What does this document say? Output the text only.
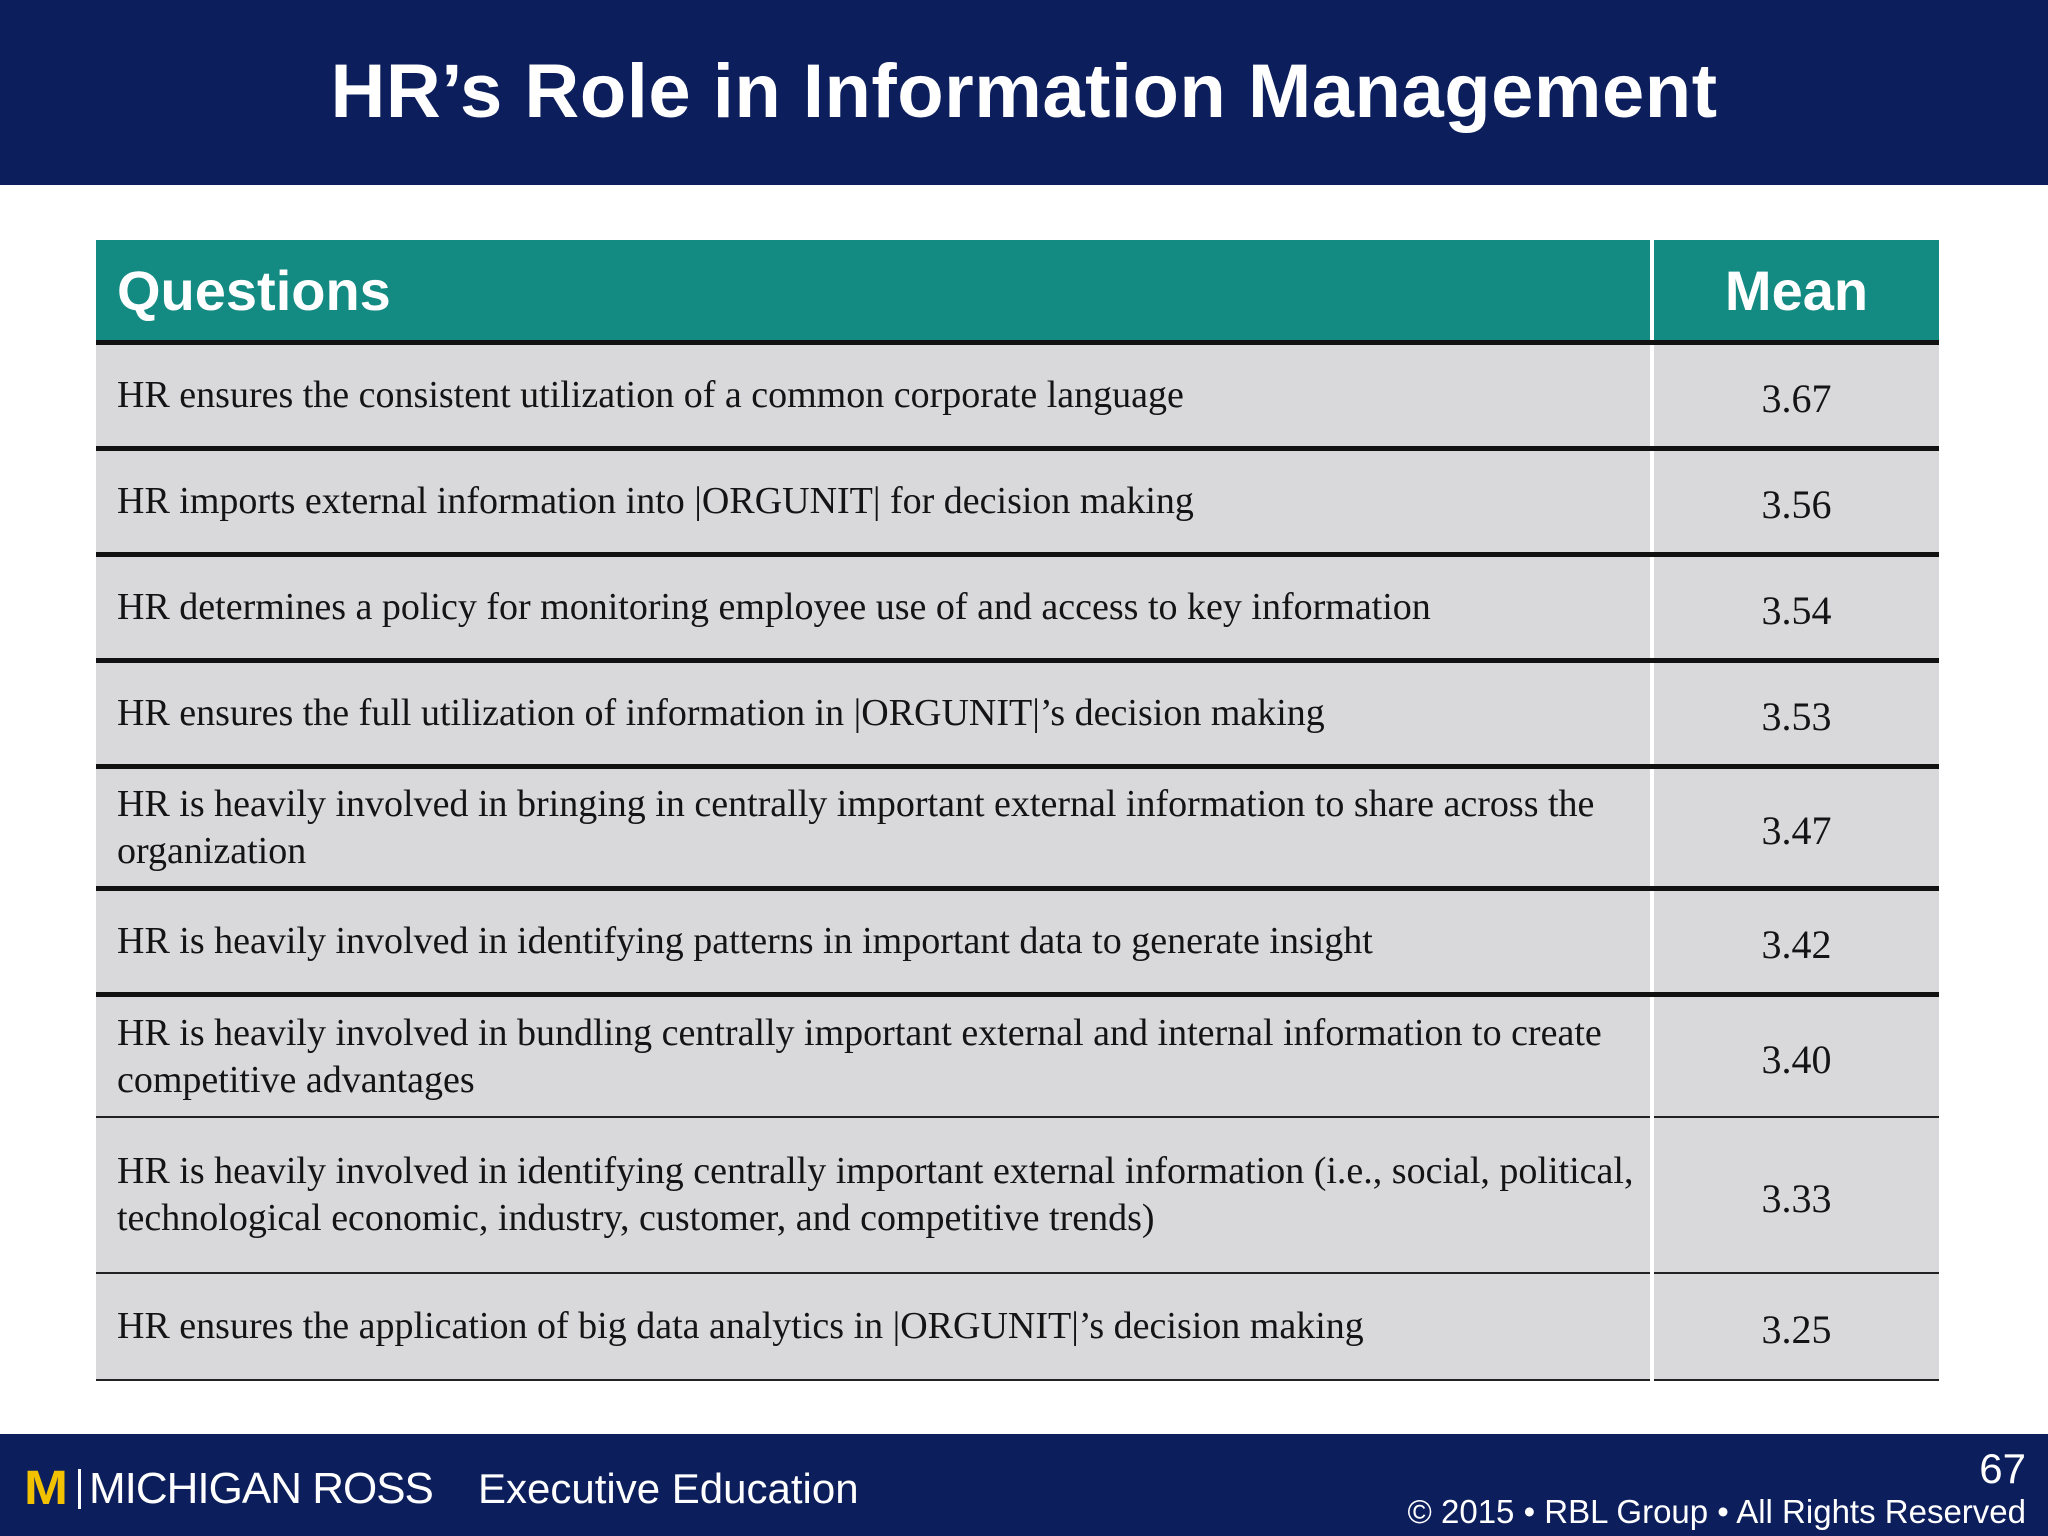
HR’s Role in Information Management
Questions	Mean
HR ensures the consistent utilization of a common corporate language	3.67
HR imports external information into |ORGUNIT| for decision making	3.56
HR determines a policy for monitoring employee use of and access to key information	3.54
HR ensures the full utilization of information in |ORGUNIT|’s decision making	3.53
HR is heavily involved in bringing in centrally important external information to share across the organization	3.47
HR is heavily involved in identifying patterns in important data to generate insight	3.42
HR is heavily involved in bundling centrally important external and internal information to create competitive advantages	3.40
HR is heavily involved in identifying centrally important external information (i.e., social, political, technological economic, industry, customer, and competitive trends)	3.33
HR ensures the application of big data analytics in |ORGUNIT|’s decision making	3.25
M MICHIGAN ROSS Executive Education	67
© 2015 • RBL Group • All Rights Reserved
